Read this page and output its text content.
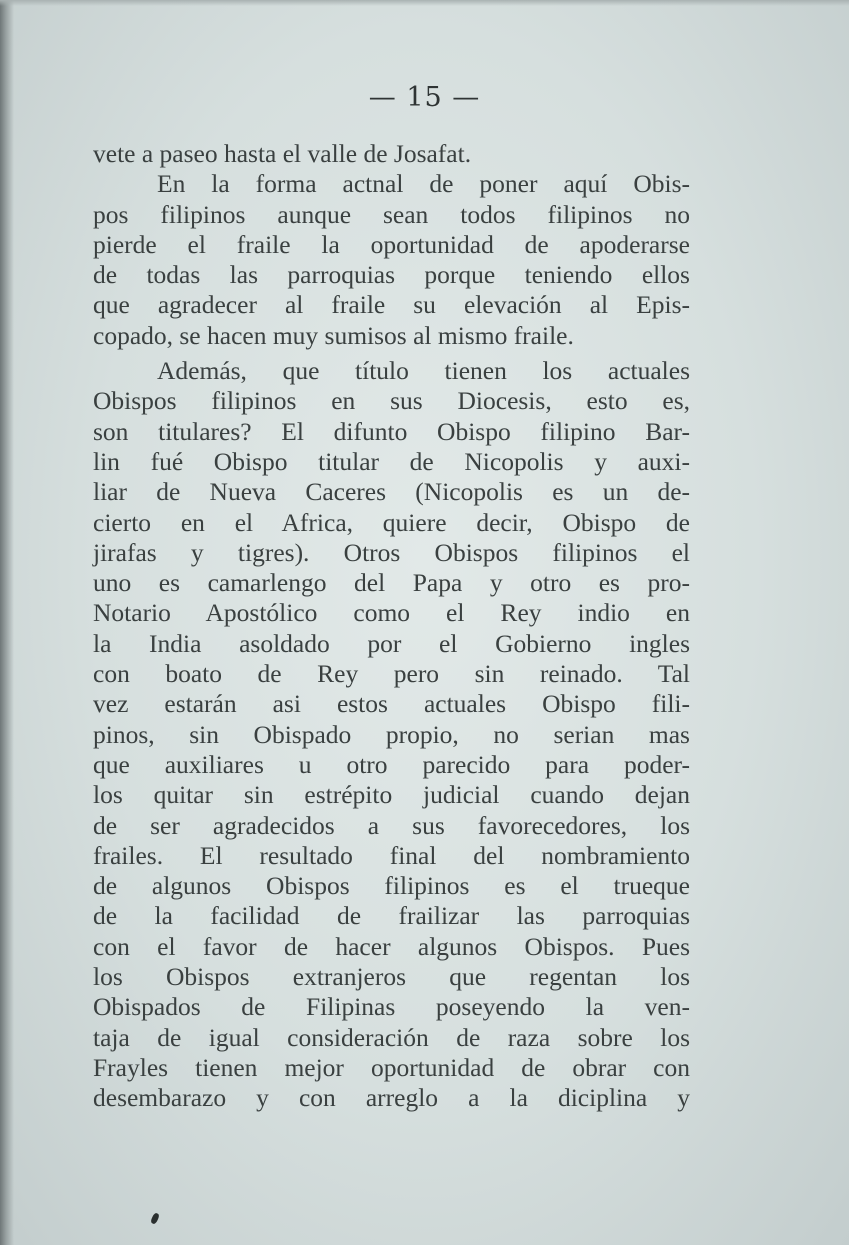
— 15 —
vete a paseo hasta el valle de Josafat.
En la forma actnal de poner aquí Obis-
pos filipinos aunque sean todos filipinos no
pierde el fraile la oportunidad de apoderarse
de todas las parroquias porque teniendo ellos
que agradecer al fraile su elevación al Epis-
copado, se hacen muy sumisos al mismo fraile.
Además, que título tienen los actuales
Obispos filipinos en sus Diocesis, esto es,
son titulares? El difunto Obispo filipino Bar-
lin fué Obispo titular de Nicopolis y auxi-
liar de Nueva Caceres (Nicopolis es un de-
cierto en el Africa, quiere decir, Obispo de
jirafas y tigres). Otros Obispos filipinos el
uno es camarlengo del Papa y otro es pro-
Notario Apostólico como el Rey indio en
la India asoldado por el Gobierno ingles
con boato de Rey pero sin reinado. Tal
vez estarán asi estos actuales Obispo fili-
pinos, sin Obispado propio, no serian mas
que auxiliares u otro parecido para poder-
los quitar sin estrépito judicial cuando dejan
de ser agradecidos a sus favorecedores, los
frailes. El resultado final del nombramiento
de algunos Obispos filipinos es el trueque
de la facilidad de frailizar las parroquias
con el favor de hacer algunos Obispos. Pues
los Obispos extranjeros que regentan los
Obispados de Filipinas poseyendo la ven-
taja de igual consideración de raza sobre los
Frayles tienen mejor oportunidad de obrar con
desembarazo y con arreglo a la diciplina y
